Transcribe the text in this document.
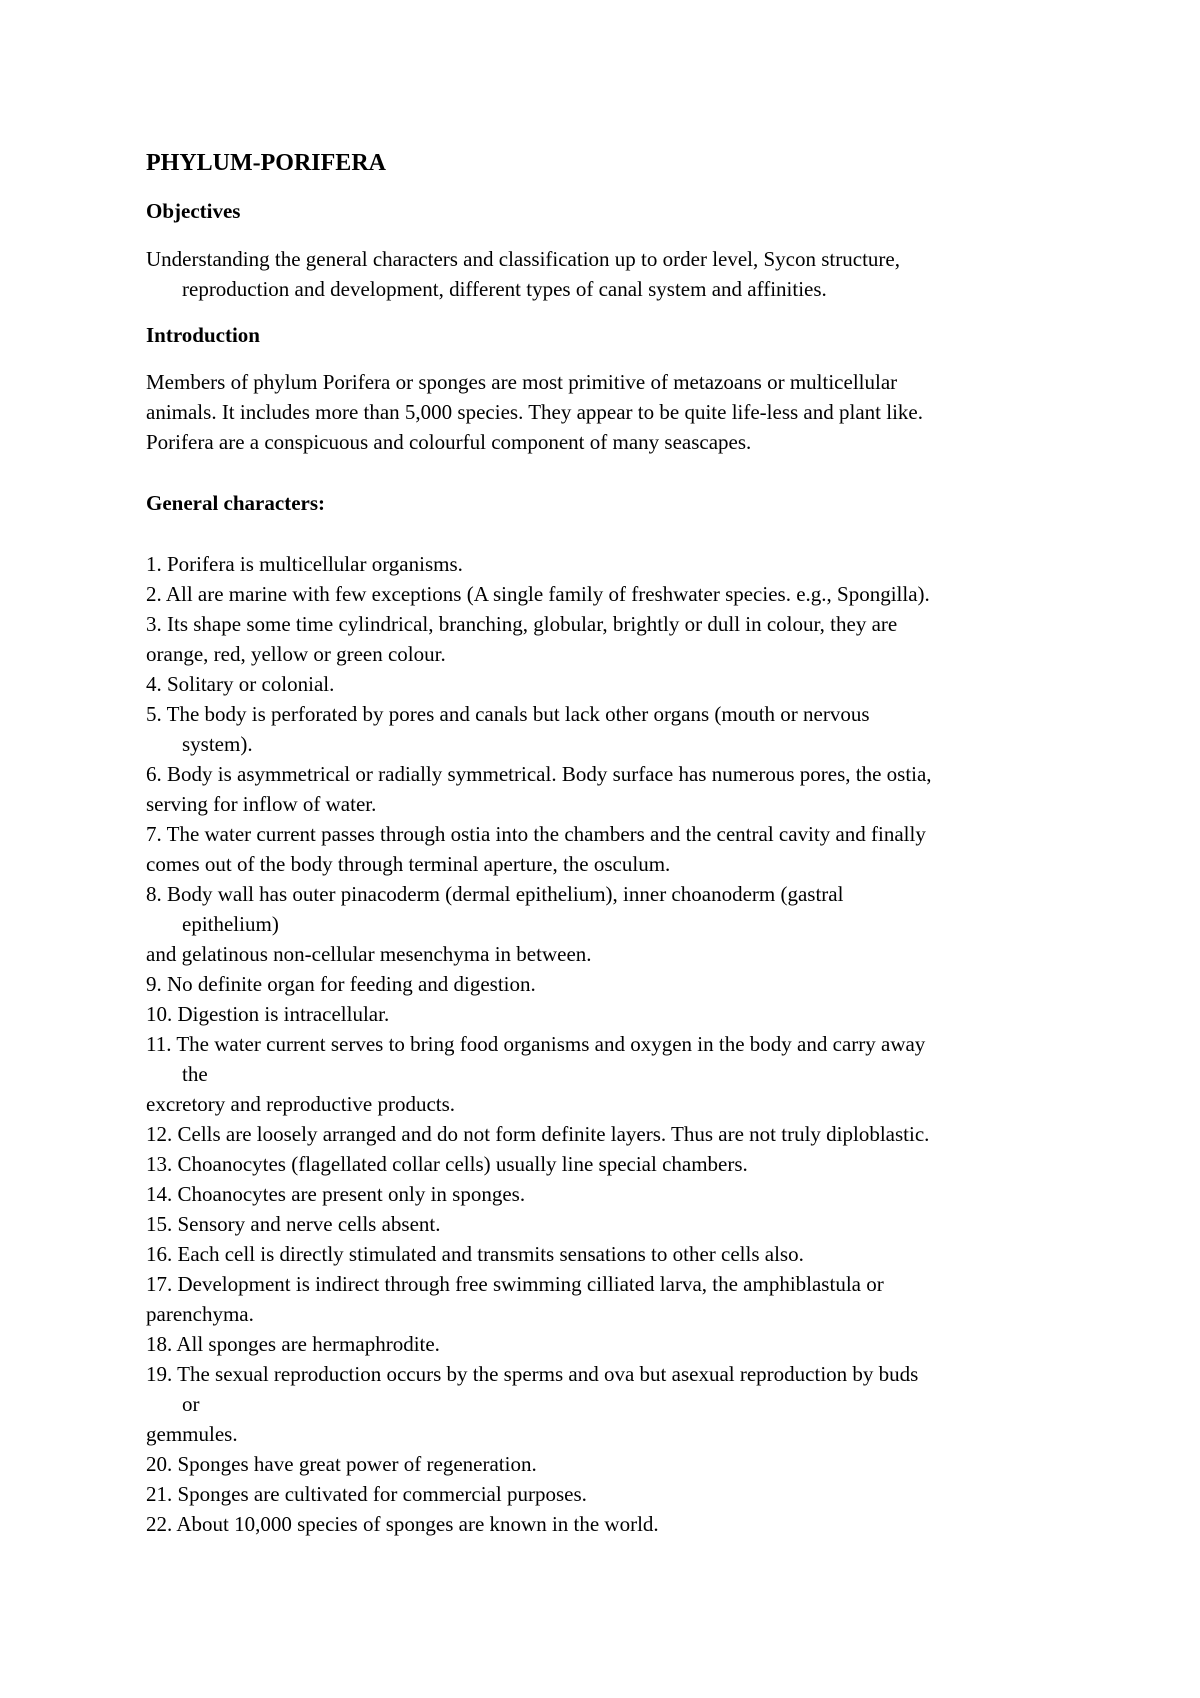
PHYLUM-PORIFERA
Objectives
Understanding the general characters and classification up to order level, Sycon structure,
reproduction and development, different types of canal system and affinities.
Introduction
Members of phylum Porifera or sponges are most primitive of metazoans or multicellular
animals. It includes more than 5,000 species. They appear to be quite life-less and plant like.
Porifera are a conspicuous and colourful component of many seascapes.
General characters:
1. Porifera is multicellular organisms.
2. All are marine with few exceptions (A single family of freshwater species. e.g., Spongilla).
3. Its shape some time cylindrical, branching, globular, brightly or dull in colour, they are
orange, red, yellow or green colour.
4. Solitary or colonial.
5. The body is perforated by pores and canals but lack other organs (mouth or nervous
system).
6. Body is asymmetrical or radially symmetrical. Body surface has numerous pores, the ostia,
serving for inflow of water.
7. The water current passes through ostia into the chambers and the central cavity and finally
comes out of the body through terminal aperture, the osculum.
8. Body wall has outer pinacoderm (dermal epithelium), inner choanoderm (gastral
epithelium)
and gelatinous non-cellular mesenchyma in between.
9. No definite organ for feeding and digestion.
10. Digestion is intracellular.
11. The water current serves to bring food organisms and oxygen in the body and carry away
the
excretory and reproductive products.
12. Cells are loosely arranged and do not form definite layers. Thus are not truly diploblastic.
13. Choanocytes (flagellated collar cells) usually line special chambers.
14. Choanocytes are present only in sponges.
15. Sensory and nerve cells absent.
16. Each cell is directly stimulated and transmits sensations to other cells also.
17. Development is indirect through free swimming cilliated larva, the amphiblastula or
parenchyma.
18. All sponges are hermaphrodite.
19. The sexual reproduction occurs by the sperms and ova but asexual reproduction by buds
or
gemmules.
20. Sponges have great power of regeneration.
21. Sponges are cultivated for commercial purposes.
22. About 10,000 species of sponges are known in the world.
